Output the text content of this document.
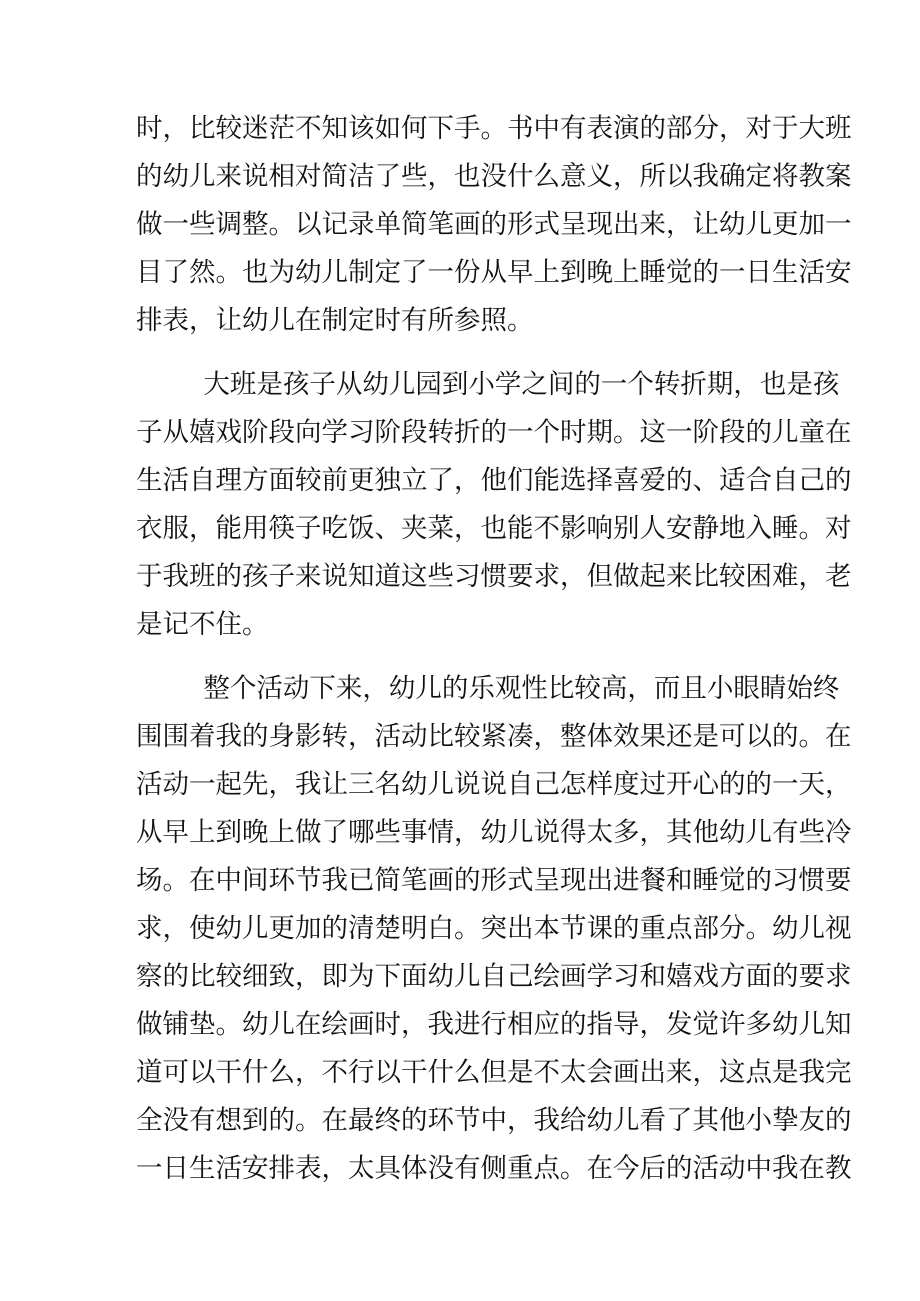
时，比较迷茫不知该如何下手。书中有表演的部分，对于大班
的幼儿来说相对简洁了些，也没什么意义，所以我确定将教案
做一些调整。以记录单简笔画的形式呈现出来，让幼儿更加一
目了然。也为幼儿制定了一份从早上到晚上睡觉的一日生活安
排表，让幼儿在制定时有所参照。
大班是孩子从幼儿园到小学之间的一个转折期，也是孩
子从嬉戏阶段向学习阶段转折的一个时期。这一阶段的儿童在
生活自理方面较前更独立了，他们能选择喜爱的、适合自己的
衣服，能用筷子吃饭、夹菜，也能不影响别人安静地入睡。对
于我班的孩子来说知道这些习惯要求，但做起来比较困难，老
是记不住。
整个活动下来，幼儿的乐观性比较高，而且小眼睛始终
围围着我的身影转，活动比较紧凑，整体效果还是可以的。在
活动一起先，我让三名幼儿说说自己怎样度过开心的的一天，
从早上到晚上做了哪些事情，幼儿说得太多，其他幼儿有些冷
场。在中间环节我已简笔画的形式呈现出进餐和睡觉的习惯要
求，使幼儿更加的清楚明白。突出本节课的重点部分。幼儿视
察的比较细致，即为下面幼儿自己绘画学习和嬉戏方面的要求
做铺垫。幼儿在绘画时，我进行相应的指导，发觉许多幼儿知
道可以干什么，不行以干什么但是不太会画出来，这点是我完
全没有想到的。在最终的环节中，我给幼儿看了其他小挚友的
一日生活安排表，太具体没有侧重点。在今后的活动中我在教
